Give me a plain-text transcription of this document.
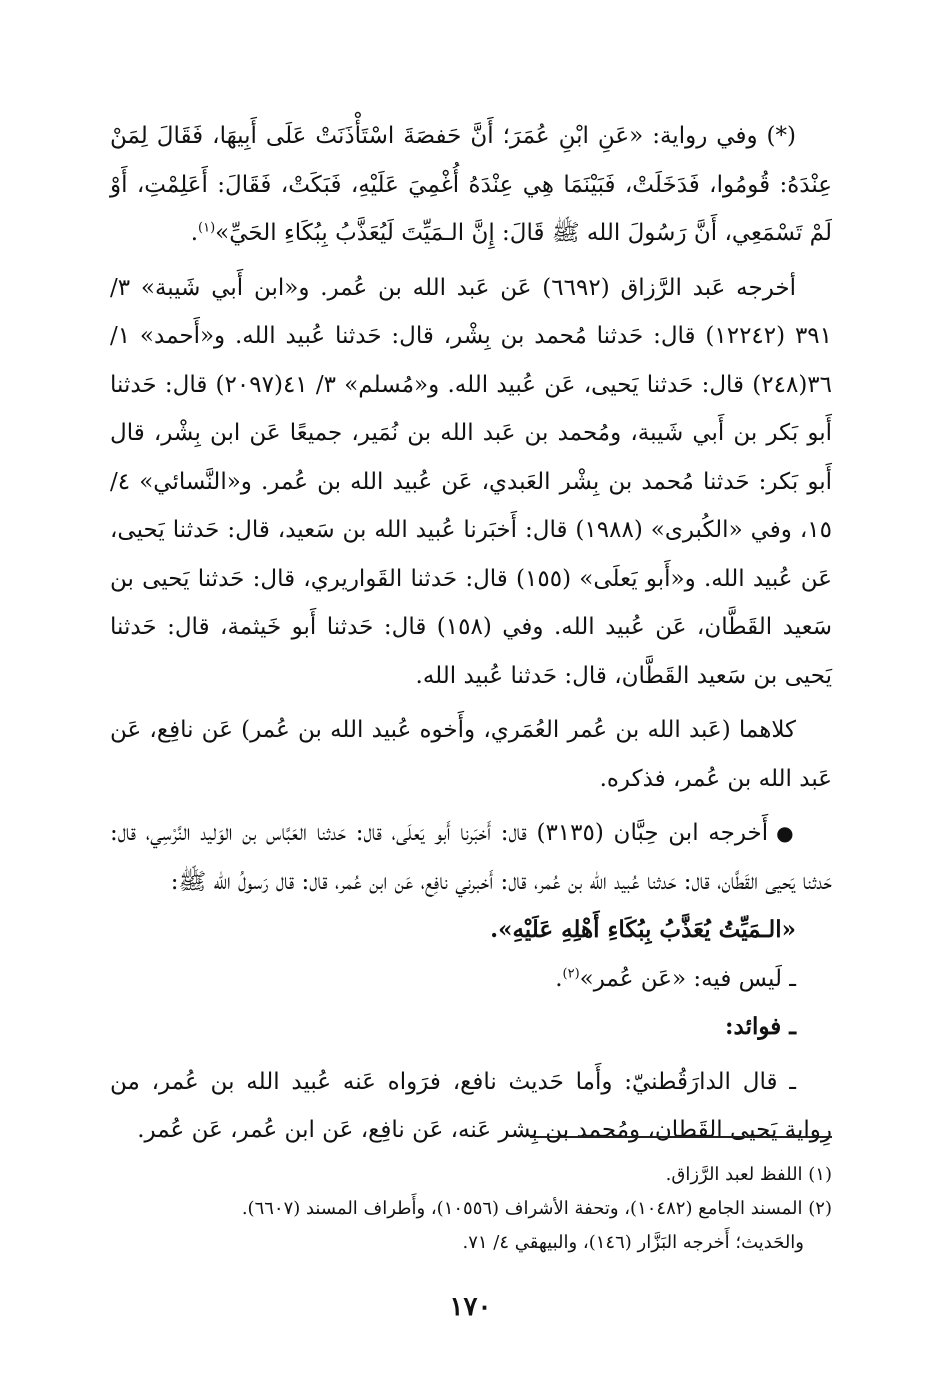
(*) وفي رواية: «عَنِ ابْنِ عُمَرَ؛ أَنَّ حَفصَةَ اسْتَأْذَنَتْ عَلَى أَبِيهَا، فَقَالَ لِمَنْ عِنْدَهُ: قُومُوا، فَدَخَلَتْ، فَبَيْنَمَا هِي عِنْدَهُ أُغْمِيَ عَلَيْهِ، فَبَكَتْ، فَقَالَ: أَعَلِمْتِ، أَوْ لَمْ تَسْمَعِي، أَنَّ رَسُولَ الله ﷺ قَالَ: إِنَّ الـمَيِّتَ لَيُعَذَّبُ بِبُكَاءِ الحَيِّ»$^{(١)}$.

أخرجه عَبد الرَّزاق (٦٦٩٢) عَن عَبد الله بن عُمر. و«ابن أَبي شَيبة» ٣/ ٣٩١ (١٢٢٤٢) قال: حَدثنا مُحمد بن بِشْر، قال: حَدثنا عُبيد الله. و«أَحمد» ١/ ٣٦(٢٤٨) قال: حَدثنا يَحيى، عَن عُبيد الله. و«مُسلم» ٣/ ٤١(٢٠٩٧) قال: حَدثنا أَبو بَكر بن أَبي شَيبة، ومُحمد بن عَبد الله بن نُمَير، جميعًا عَن ابن بِشْر، قال أَبو بَكر: حَدثنا مُحمد بن بِشْر العَبدي، عَن عُبيد الله بن عُمر. و«النَّسائي» ٤/ ١٥، وفي «الكُبرى» (١٩٨٨) قال: أَخبَرنا عُبيد الله بن سَعيد، قال: حَدثنا يَحيى، عَن عُبيد الله. و«أَبو يَعلَى» (١٥٥) قال: حَدثنا القَواريري، قال: حَدثنا يَحيى بن سَعيد القَطَّان، عَن عُبيد الله. وفي (١٥٨) قال: حَدثنا أَبو خَيثمة، قال: حَدثنا يَحيى بن سَعيد القَطَّان، قال: حَدثنا عُبيد الله.

كلاهما (عَبد الله بن عُمر العُمَري، وأَخوه عُبيد الله بن عُمر) عَن نافِع، عَن عَبد الله بن عُمر، فذكره.

●أَخرجه ابن حِبَّان (٣١٣٥) قال: أَخبَرنا أَبو يَعلَى، قال: حَدثنا العَبَّاس بن الوَليد النَّرْسِي، قال: حَدثنا يَحيى القَطَّان، قال: حَدثنا عُبيد الله بن عُمر، قال: أَخبرني نافِع، عَن ابن عُمر، قال: قال رَسولُ الله ﷺ:

«الـمَيِّتُ يُعَذَّبُ بِبُكَاءِ أَهْلِهِ عَلَيْهِ».

ـ لَيس فيه: «عَن عُمر»$^{(٢)}$.

ـ فوائد:

ـ قال الدارَقُطنيّ: وأَما حَديث نافع، فرَواه عَنه عُبيد الله بن عُمر، من رِواية يَحيى القَطان، ومُحمد بن بِشر عَنه، عَن نافِع، عَن ابن عُمر، عَن عُمر.

(١) اللفظ لعبد الرَّزاق.

(٢) المسند الجامع (١٠٤٨٢)، وتحفة الأشراف (١٠٥٥٦)، وأَطراف المسند (٦٦٠٧).

والحَديث؛ أَخرجه البَزَّار (١٤٦)، والبيهقي ٤/ ٧١.

١٧٠
